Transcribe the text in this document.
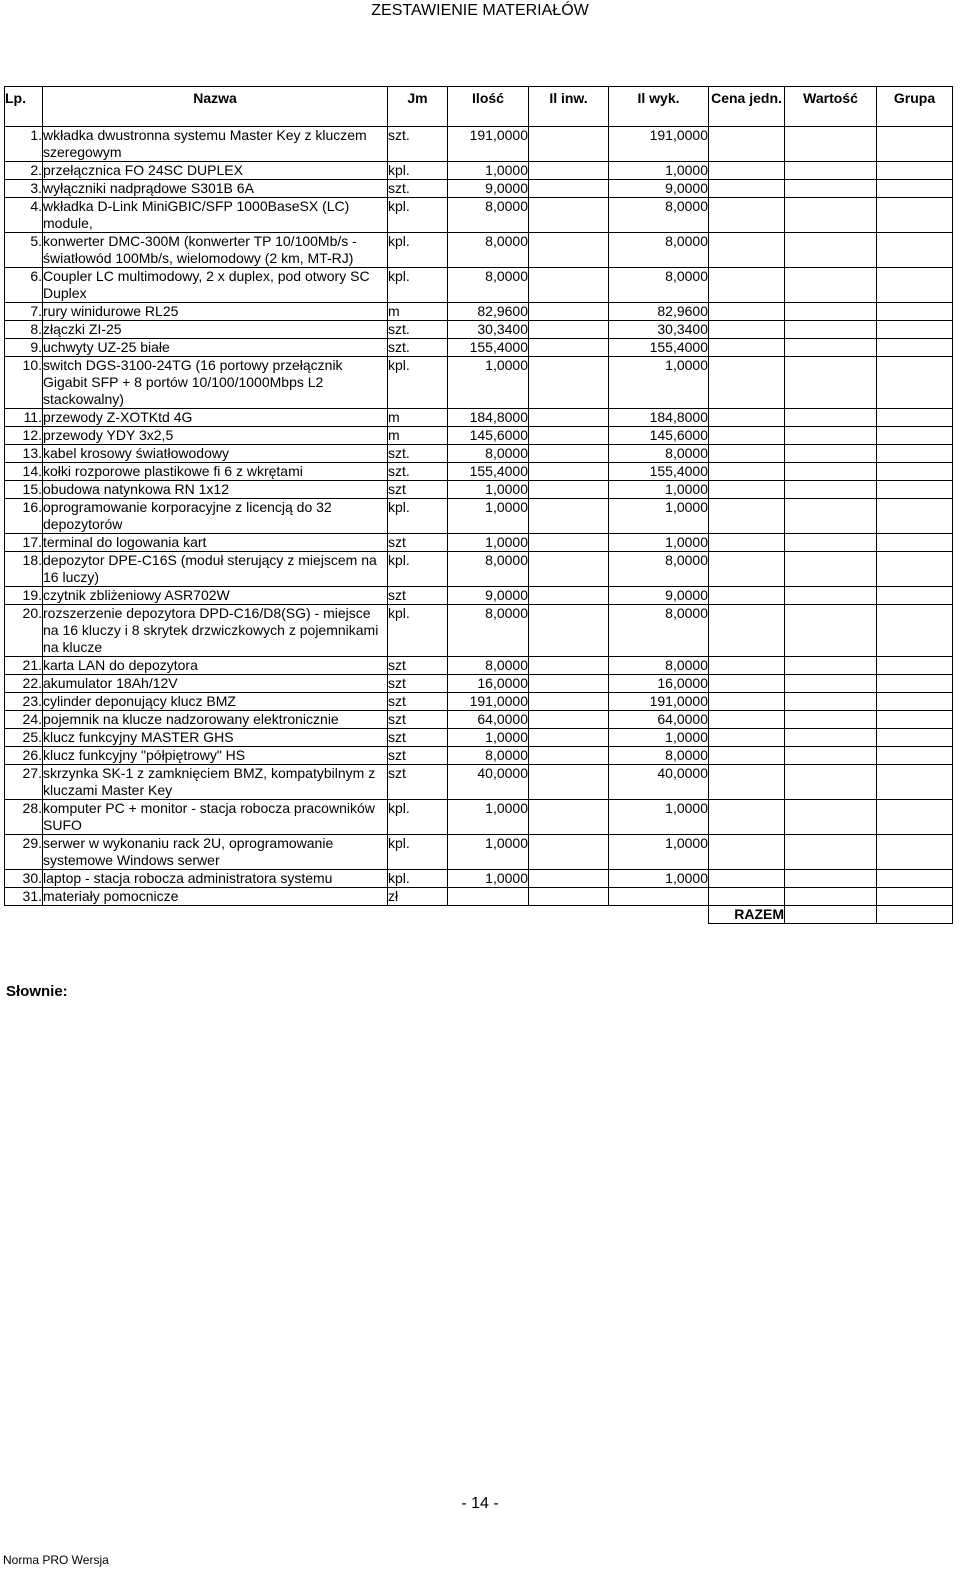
ZESTAWIENIE MATERIAŁÓW
Lp.	Nazwa	Jm	Ilość	Il inw.	Il wyk.	Cena jedn.	Wartość	Grupa
1.	wkładka dwustronna systemu Master Key z kluczem szeregowym	szt.	191,0000		191,0000			
2.	przełącznica FO 24SC DUPLEX	kpl.	1,0000		1,0000			
3.	wyłączniki nadprądowe S301B 6A	szt.	9,0000		9,0000			
4.	wkładka D-Link MiniGBIC/SFP 1000BaseSX (LC) module,	kpl.	8,0000		8,0000			
5.	konwerter DMC-300M (konwerter TP 10/100Mb/s - światłowód 100Mb/s, wielomodowy (2 km, MT-RJ)	kpl.	8,0000		8,0000			
6.	Coupler LC multimodowy, 2 x duplex, pod otwory SC Duplex	kpl.	8,0000		8,0000			
7.	rury winidurowe RL25	m	82,9600		82,9600			
8.	złączki ZI-25	szt.	30,3400		30,3400			
9.	uchwyty UZ-25 białe	szt.	155,4000		155,4000			
10.	switch DGS-3100-24TG (16 portowy przełącznik Gigabit SFP + 8 portów 10/100/1000Mbps L2 stackowalny)	kpl.	1,0000		1,0000			
11.	przewody Z-XOTKtd 4G	m	184,8000		184,8000			
12.	przewody YDY 3x2,5	m	145,6000		145,6000			
13.	kabel krosowy światłowodowy	szt.	8,0000		8,0000			
14.	kołki rozporowe plastikowe fi 6 z wkrętami	szt.	155,4000		155,4000			
15.	obudowa natynkowa RN 1x12	szt	1,0000		1,0000			
16.	oprogramowanie korporacyjne z licencją do 32 depozytorów	kpl.	1,0000		1,0000			
17.	terminal do logowania kart	szt	1,0000		1,0000			
18.	depozytor DPE-C16S (moduł sterujący z miejscem na 16 luczy)	kpl.	8,0000		8,0000			
19.	czytnik zbliżeniowy ASR702W	szt	9,0000		9,0000			
20.	rozszerzenie depozytora DPD-C16/D8(SG) - miejsce na 16 kluczy i 8 skrytek drzwiczkowych z pojemnikami na klucze	kpl.	8,0000		8,0000			
21.	karta LAN do depozytora	szt	8,0000		8,0000			
22.	akumulator 18Ah/12V	szt	16,0000		16,0000			
23.	cylinder deponujący klucz BMZ	szt	191,0000		191,0000			
24.	pojemnik na klucze nadzorowany elektronicznie	szt	64,0000		64,0000			
25.	klucz funkcyjny MASTER GHS	szt	1,0000		1,0000			
26.	klucz funkcyjny "półpiętrowy" HS	szt	8,0000		8,0000			
27.	skrzynka SK-1 z zamknięciem BMZ, kompatybilnym z kluczami Master Key	szt	40,0000		40,0000			
28.	komputer PC + monitor - stacja robocza pracowników SUFO	kpl.	1,0000		1,0000			
29.	serwer w wykonaniu rack 2U, oprogramowanie systemowe Windows serwer	kpl.	1,0000		1,0000			
30.	laptop - stacja robocza administratora systemu	kpl.	1,0000		1,0000			
31.	materiały pomocnicze	zł						
						RAZEM		
Słownie:
- 14 -
Norma PRO Wersja
